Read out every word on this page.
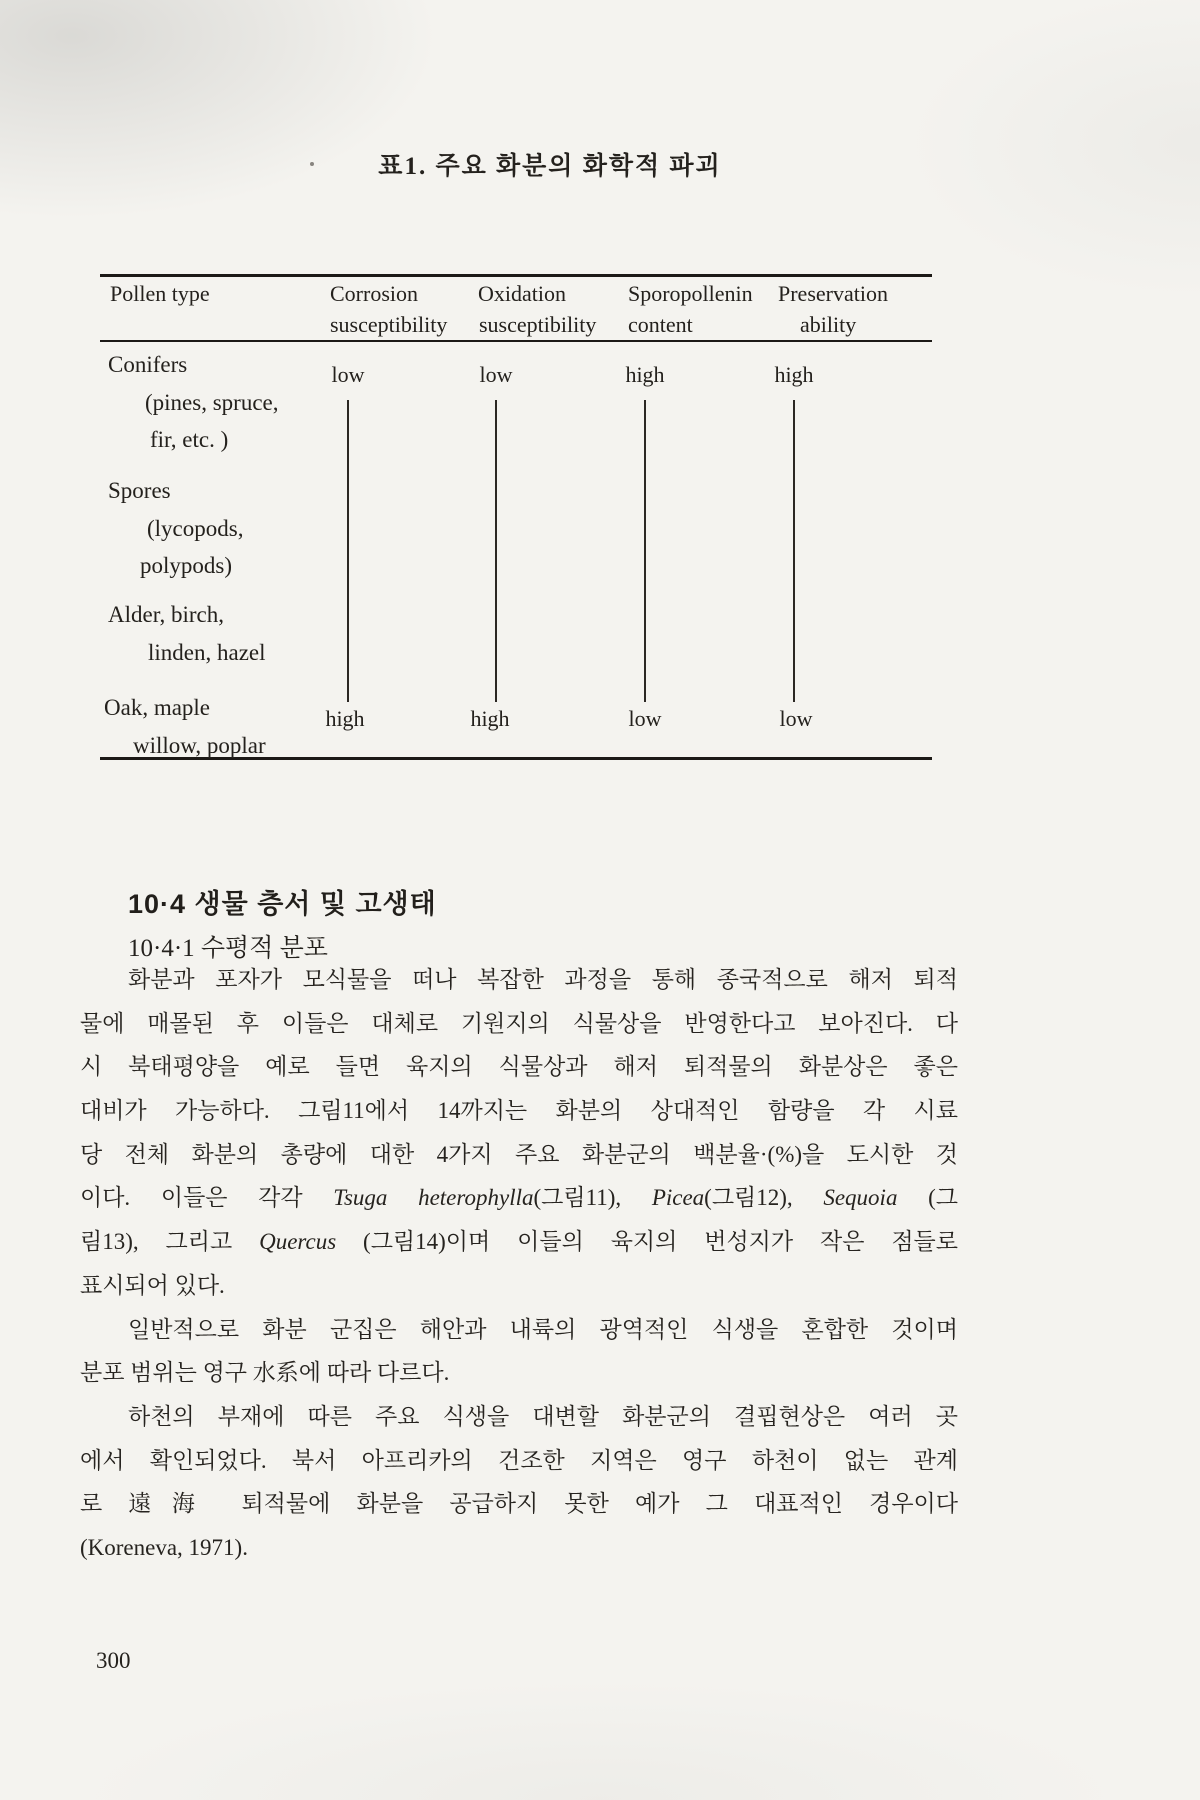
표1. 주요 화분의 화학적 파괴
Pollen type	Corrosion
susceptibility
Oxidation
susceptibility
Sporopollenin
content
Preservation
ability
Conifers
(pines, spruce,
fir, etc. )
Spores
(lycopods,
polypods)
Alder, birch,
linden, hazel
Oak, maple
willow, poplar
low
high
low
high
high
low
high
low
10·4 생물 층서 및 고생태
10·4·1 수평적 분포
화분과 포자가 모식물을 떠나 복잡한 과정을 통해 종국적으로 해저 퇴적
물에 매몰된 후 이들은 대체로 기원지의 식물상을 반영한다고 보아진다. 다
시 북태평양을 예로 들면 육지의 식물상과 해저 퇴적물의 화분상은 좋은
대비가 가능하다. 그림11에서 14까지는 화분의 상대적인 함량을 각 시료
당 전체 화분의 총량에 대한 4가지 주요 화분군의 백분율·(%)을 도시한 것
이다. 이들은 각각 Tsuga heterophylla(그림11), Picea(그림12), Sequoia (그
림13), 그리고 Quercus (그림14)이며 이들의 육지의 번성지가 작은 점들로
표시되어 있다.
일반적으로 화분 군집은 해안과 내륙의 광역적인 식생을 혼합한 것이며
분포 범위는 영구 水系에 따라 다르다.
하천의 부재에 따른 주요 식생을 대변할 화분군의 결핍현상은 여러 곳
에서 확인되었다. 북서 아프리카의 건조한 지역은 영구 하천이 없는 관계
로 遠海 퇴적물에 화분을 공급하지 못한 예가 그 대표적인 경우이다
(Koreneva, 1971).
300
